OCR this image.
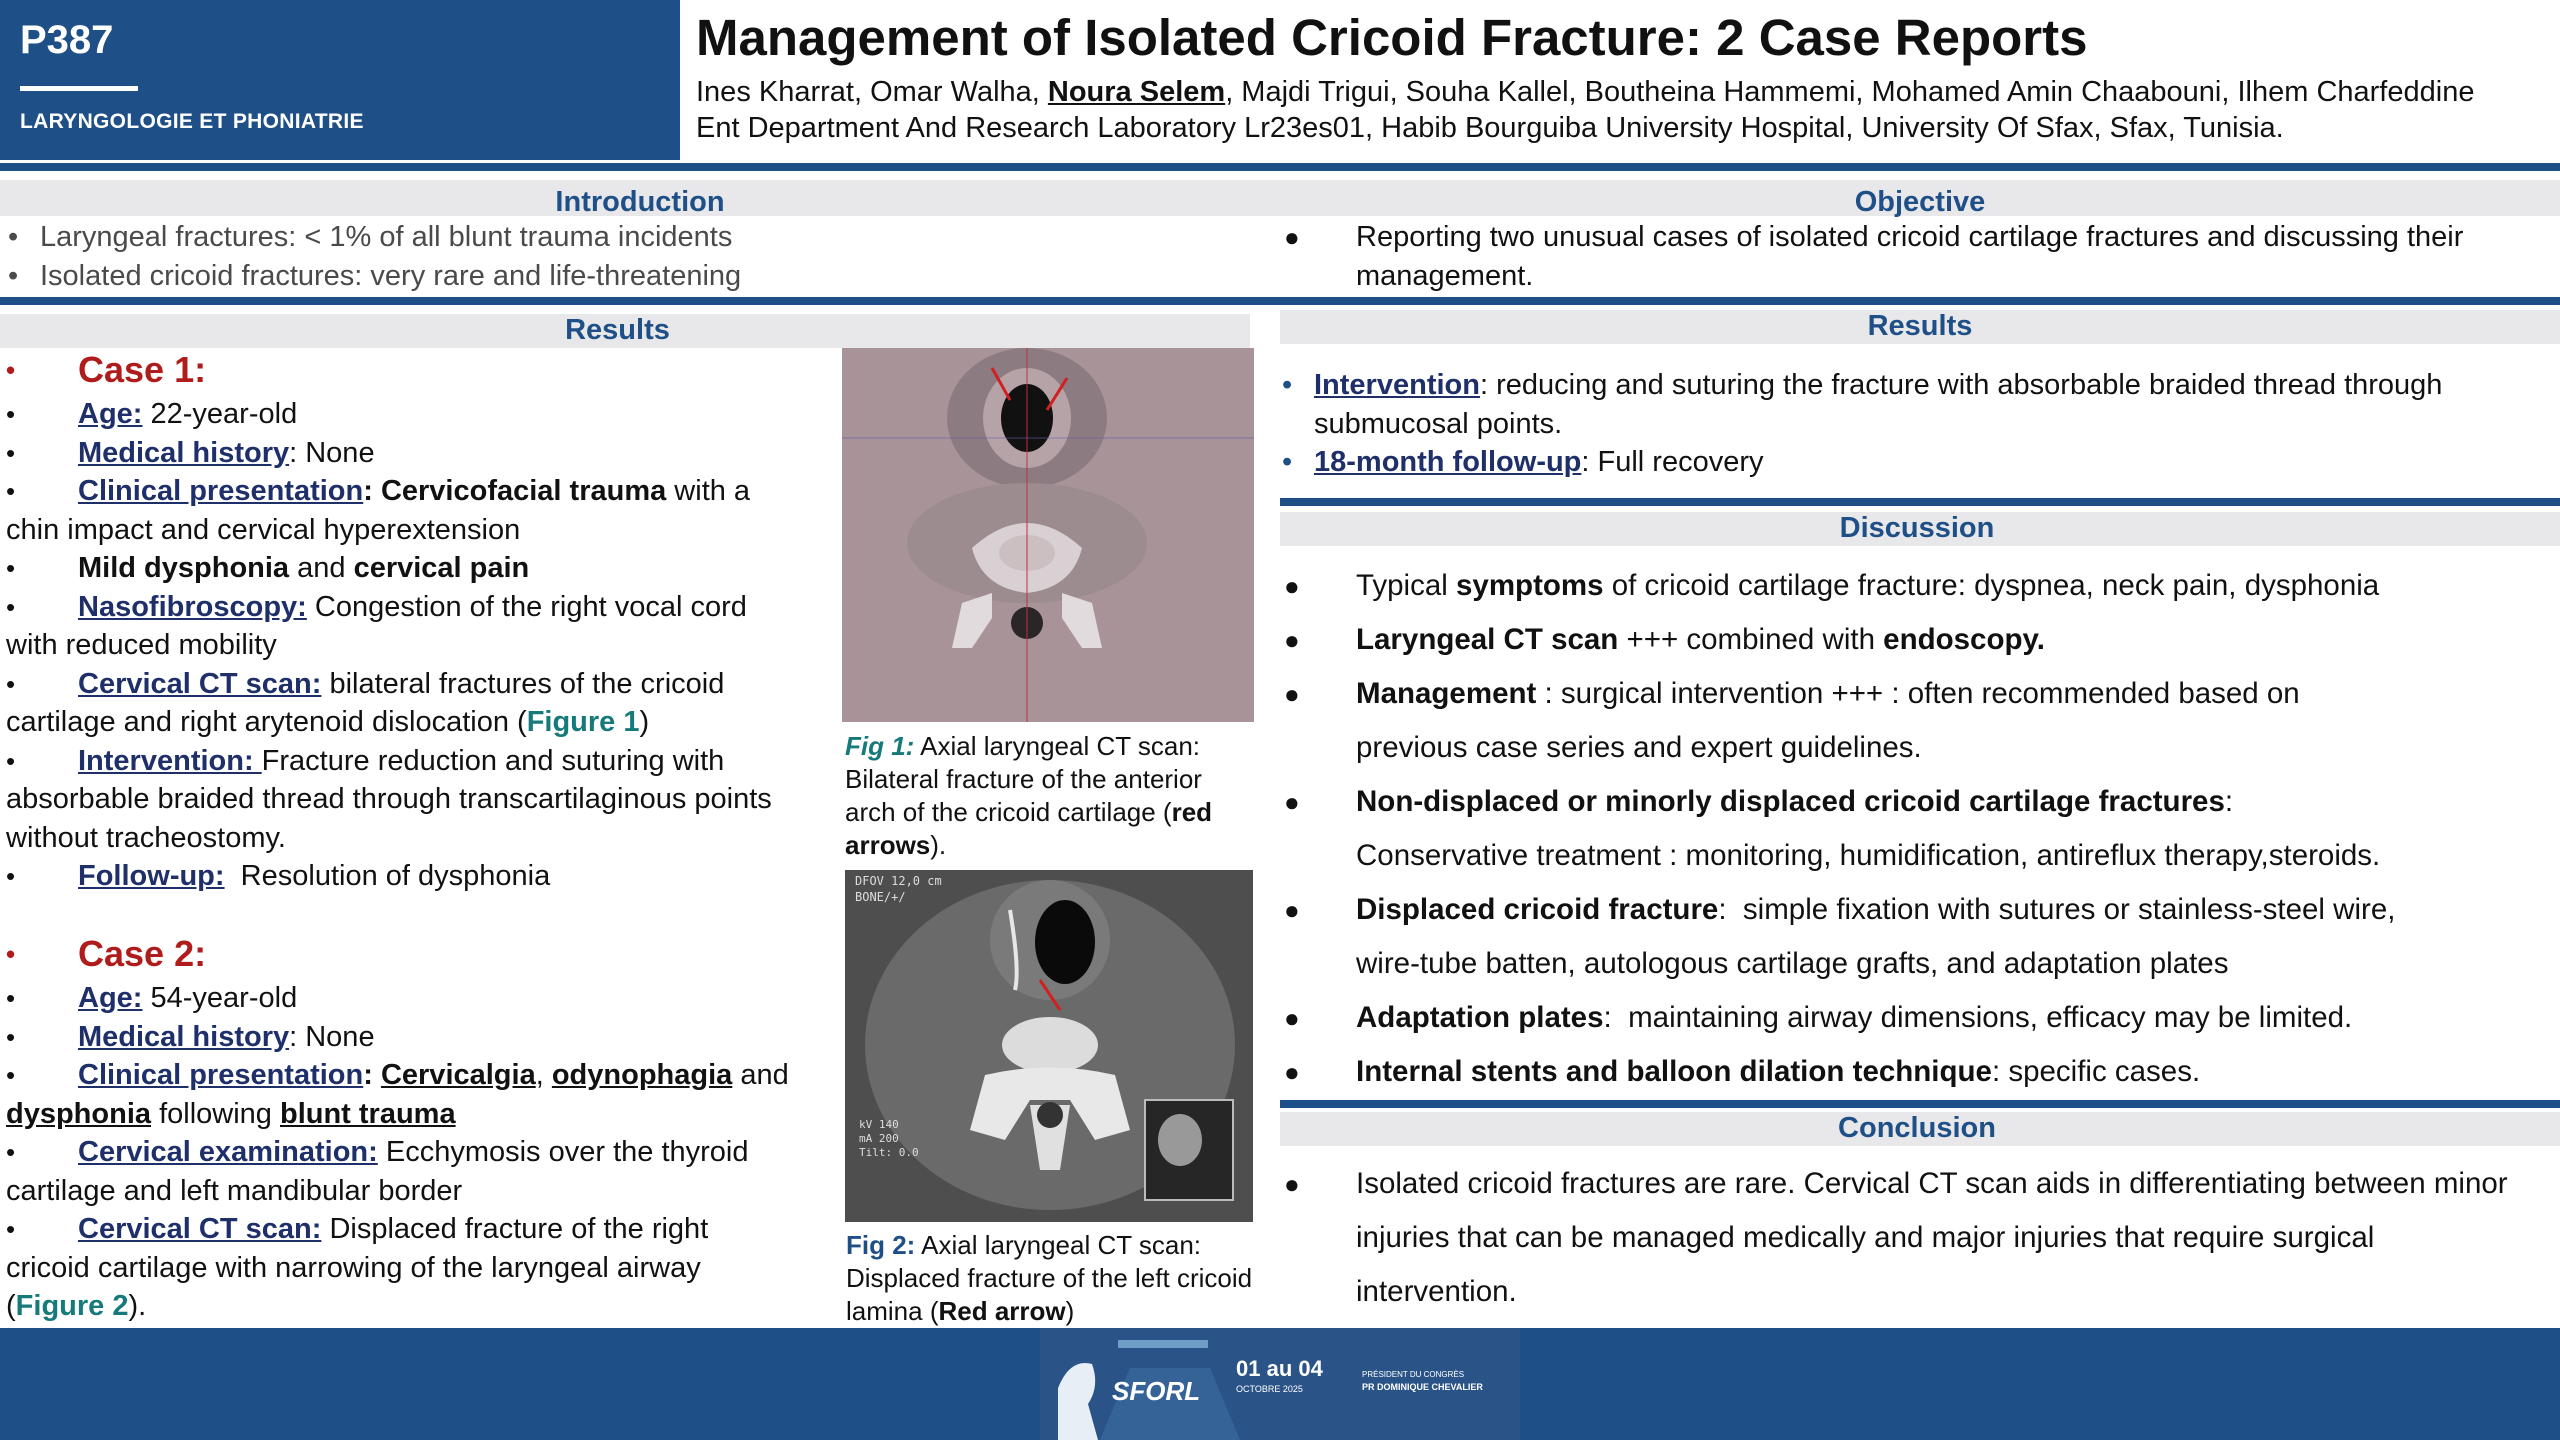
P387
LARYNGOLOGIE ET PHONIATRIE
Management of Isolated Cricoid Fracture: 2 Case Reports
Ines Kharrat, Omar Walha, Noura Selem, Majdi Trigui, Souha Kallel, Boutheina Hammemi, Mohamed Amin Chaabouni, Ilhem Charfeddine
Ent Department And Research Laboratory Lr23es01, Habib Bourguiba University Hospital, University Of Sfax, Sfax, Tunisia.
Introduction	Objective

• Laryngeal fractures: < 1% of all blunt trauma incidents

• Isolated cricoid fractures: very rare and life-threatening

● Reporting two unusual cases of isolated cricoid cartilage fractures and discussing their

management.

Results

• Case 1:

• Age: 22-year-old

• Medical history: None

• Clinical presentation: Cervicofacial trauma with a

chin impact and cervical hyperextension

• Mild dysphonia and cervical pain

• Nasofibroscopy: Congestion of the right vocal cord

with reduced mobility

• Cervical CT scan: bilateral fractures of the cricoid

cartilage and right arytenoid dislocation (Figure 1)

• Intervention: Fracture reduction and suturing with

absorbable braided thread through transcartilaginous points

without tracheostomy.

• Follow-up:  Resolution of dysphonia

• Case 2:

• Age: 54-year-old

• Medical history: None

• Clinical presentation: Cervicalgia, odynophagia and

dysphonia following blunt trauma

• Cervical examination: Ecchymosis over the thyroid

cartilage and left mandibular border

• Cervical CT scan: Displaced fracture of the right

cricoid cartilage with narrowing of the laryngeal airway

(Figure 2).

Fig 1: Axial laryngeal CT scan:
Bilateral fracture of the anterior
arch of the cricoid cartilage (red
arrows).
kV 140
mA 200
Tilt: 0.0
DFOV 12,0 cm
BONE/+/
Fig 2: Axial laryngeal CT scan:
Displaced fracture of the left cricoid
lamina (Red arrow)
Results

• Intervention: reducing and suturing the fracture with absorbable braided thread through

submucosal points.

• 18-month follow-up: Full recovery

Discussion

● Typical symptoms of cricoid cartilage fracture: dyspnea, neck pain, dysphonia

● Laryngeal CT scan +++ combined with endoscopy.

● Management : surgical intervention +++ : often recommended based on

previous case series and expert guidelines.

● Non-displaced or minorly displaced cricoid cartilage fractures:

Conservative treatment : monitoring, humidification, antireflux therapy,steroids.

● Displaced cricoid fracture:  simple fixation with sutures or stainless-steel wire,

wire-tube batten, autologous cartilage grafts, and adaptation plates

● Adaptation plates:  maintaining airway dimensions, efficacy may be limited.

● Internal stents and balloon dilation technique: specific cases.

Conclusion

● Isolated cricoid fractures are rare. Cervical CT scan aids in differentiating between minor

injuries that can be managed medically and major injuries that require surgical

intervention.

SFORL
01 au 04
OCTOBRE 2025
PRÉSIDENT DU CONGRÈS
PR DOMINIQUE CHEVALIER
